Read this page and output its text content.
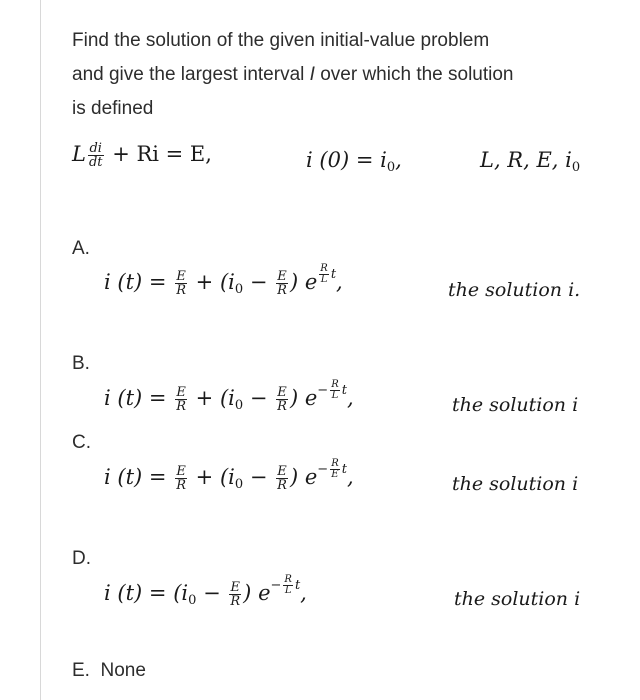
Find the solution of the given initial-value problem
and give the largest interval I over which the solution
is defined
L $\frac{di}{dt} + Ri = E$,	i (0) = i0,	L, R, E, i0
A.
i $(t) = \frac{E}{R} + (i0 - \frac{E}{R}$ ) e $^{\frac{R}{L} t}$,	the solution i.
B.
i $(t) = \frac{E}{R} + (i0 - \frac{E}{R}$ ) $e^{- \frac{R}{L} t}$,	the solution i
C.
i $(t) = \frac{E}{R} + (i0 - \frac{E}{R}$ ) $e^{- \frac{R}{E} t}$,	the solution i
D.
i $(t) = (i0 - \frac{E}{R}$ ) $e^{- \frac{R}{L} t}$,	the solution i
E. None
